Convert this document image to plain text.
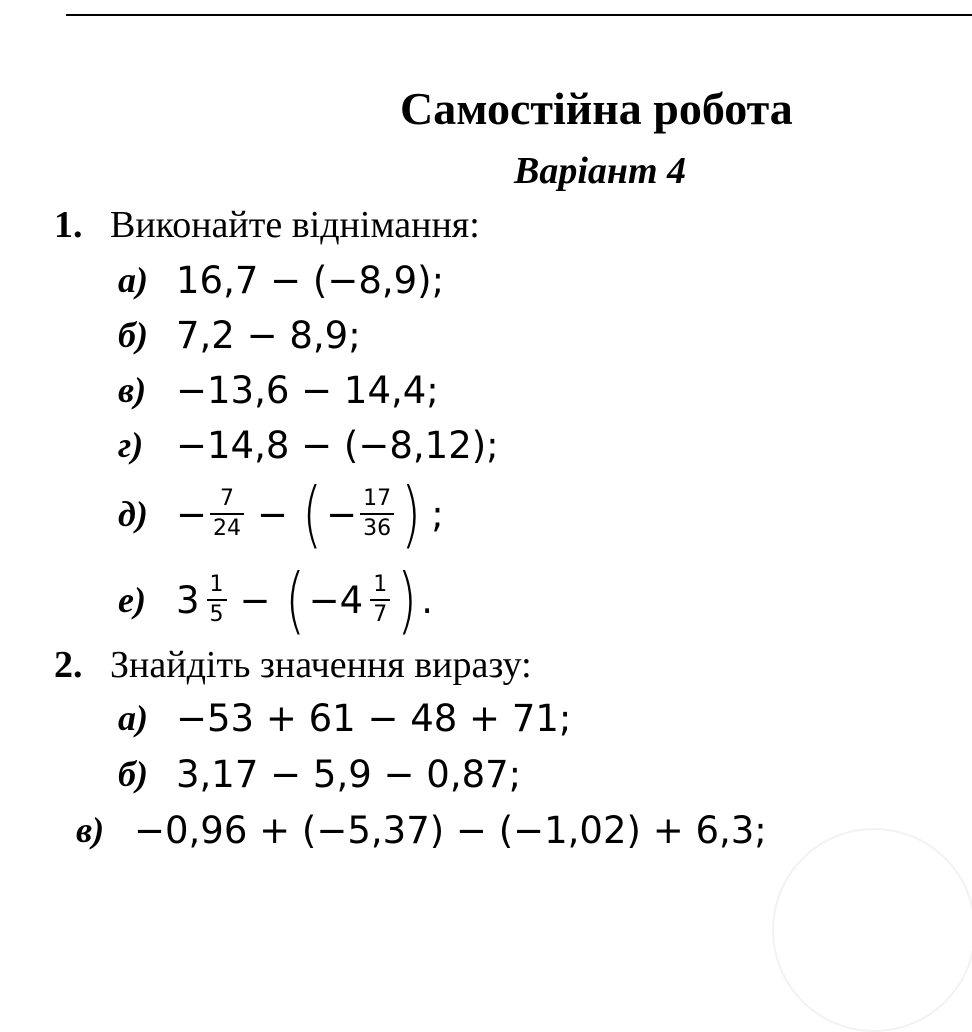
Самостійна робота
Варіант 4
1. Виконайте віднімання:
а) 16,7 − (−8,9);
б) 7,2 − 8,9;
в) −13,6 − 14,4;
г) −14,8 − (−8,12);
$д) - \frac{7}{24}$ − ( − $\frac{17}{36}$ ) ;
е) $3 \frac{1}{5}$ − ( $-4 \frac{1}{7}$ ) .
2. Знайдіть значення виразу:
а) −53 + 61 − 48 + 71;
б) 3,17 − 5,9 − 0,87;
в) −0,96 + (−5,37) − (−1,02) + 6,3;
